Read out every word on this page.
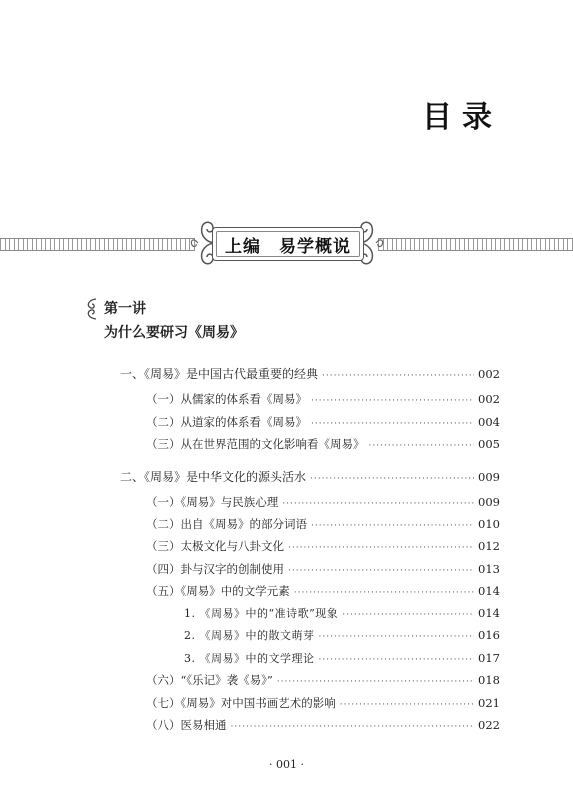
目录
上编　易学概说
第一讲
为什么要研习《周易》
一、《周易》是中国古代最重要的经典 ·····	002
（一）从儒家的体系看《周易》 ·····	002
（二）从道家的体系看《周易》 ·····	004
（三）从在世界范围的文化影响看《周易》 ·····	005
二、《周易》是中华文化的源头活水 ·····	009
（一）《周易》与民族心理 ·····	009
（二）出自《周易》的部分词语 ·····	010
（三）太极文化与八卦文化 ·····	012
（四）卦与汉字的创制使用 ·····	013
（五）《周易》中的文学元素 ·····	014
1. 《周易》中的“准诗歌”现象 ·····	014
2. 《周易》中的散文萌芽 ·····	016
3. 《周易》中的文学理论 ·····	017
（六）“《乐记》袭《易》” ·····	018
（七）《周易》对中国书画艺术的影响 ·····	021
（八）医易相通 ·····	022
· 001 ·
